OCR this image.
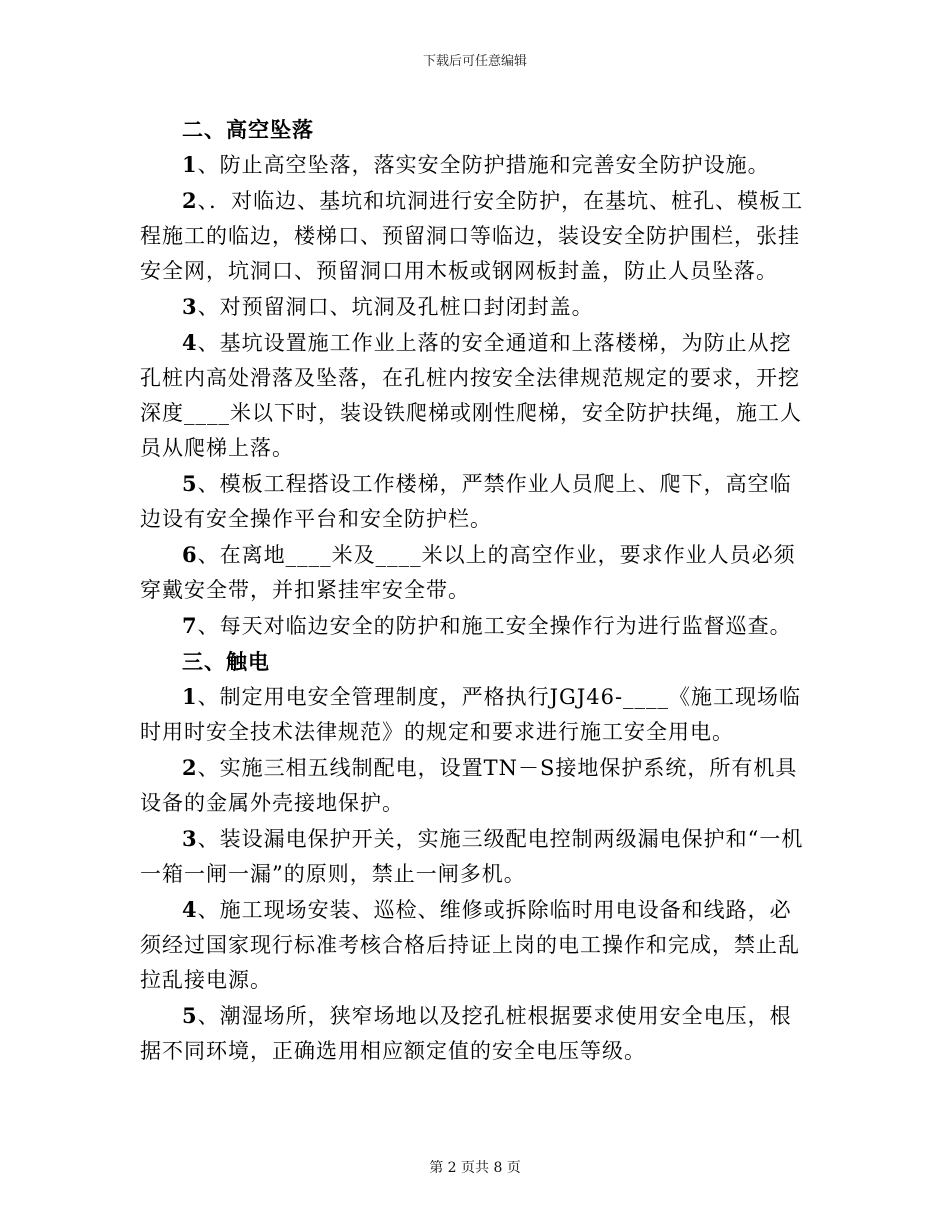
下载后可任意编辑
二、高空坠落
1、防止高空坠落，落实安全防护措施和完善安全防护设施。
2、．对临边、基坑和坑洞进行安全防护，在基坑、桩孔、模板工程施工的临边，楼梯口、预留洞口等临边，装设安全防护围栏，张挂安全网，坑洞口、预留洞口用木板或钢网板封盖，防止人员坠落。
3、对预留洞口、坑洞及孔桩口封闭封盖。
4、基坑设置施工作业上落的安全通道和上落楼梯，为防止从挖孔桩内高处滑落及坠落，在孔桩内按安全法律规范规定的要求，开挖深度____米以下时，装设铁爬梯或刚性爬梯，安全防护扶绳，施工人员从爬梯上落。
5、模板工程搭设工作楼梯，严禁作业人员爬上、爬下，高空临边设有安全操作平台和安全防护栏。
6、在离地____米及____米以上的高空作业，要求作业人员必须穿戴安全带，并扣紧挂牢安全带。
7、每天对临边安全的防护和施工安全操作行为进行监督巡查。
三、触电
1、制定用电安全管理制度，严格执行JGJ46-____《施工现场临时用时安全技术法律规范》的规定和要求进行施工安全用电。
2、实施三相五线制配电，设置TN－S接地保护系统，所有机具设备的金属外壳接地保护。
3、装设漏电保护开关，实施三级配电控制两级漏电保护和“一机一箱一闸一漏”的原则，禁止一闸多机。
4、施工现场安装、巡检、维修或拆除临时用电设备和线路，必须经过国家现行标准考核合格后持证上岗的电工操作和完成，禁止乱拉乱接电源。
5、潮湿场所，狭窄场地以及挖孔桩根据要求使用安全电压，根据不同环境，正确选用相应额定值的安全电压等级。
第 2 页共 8 页
